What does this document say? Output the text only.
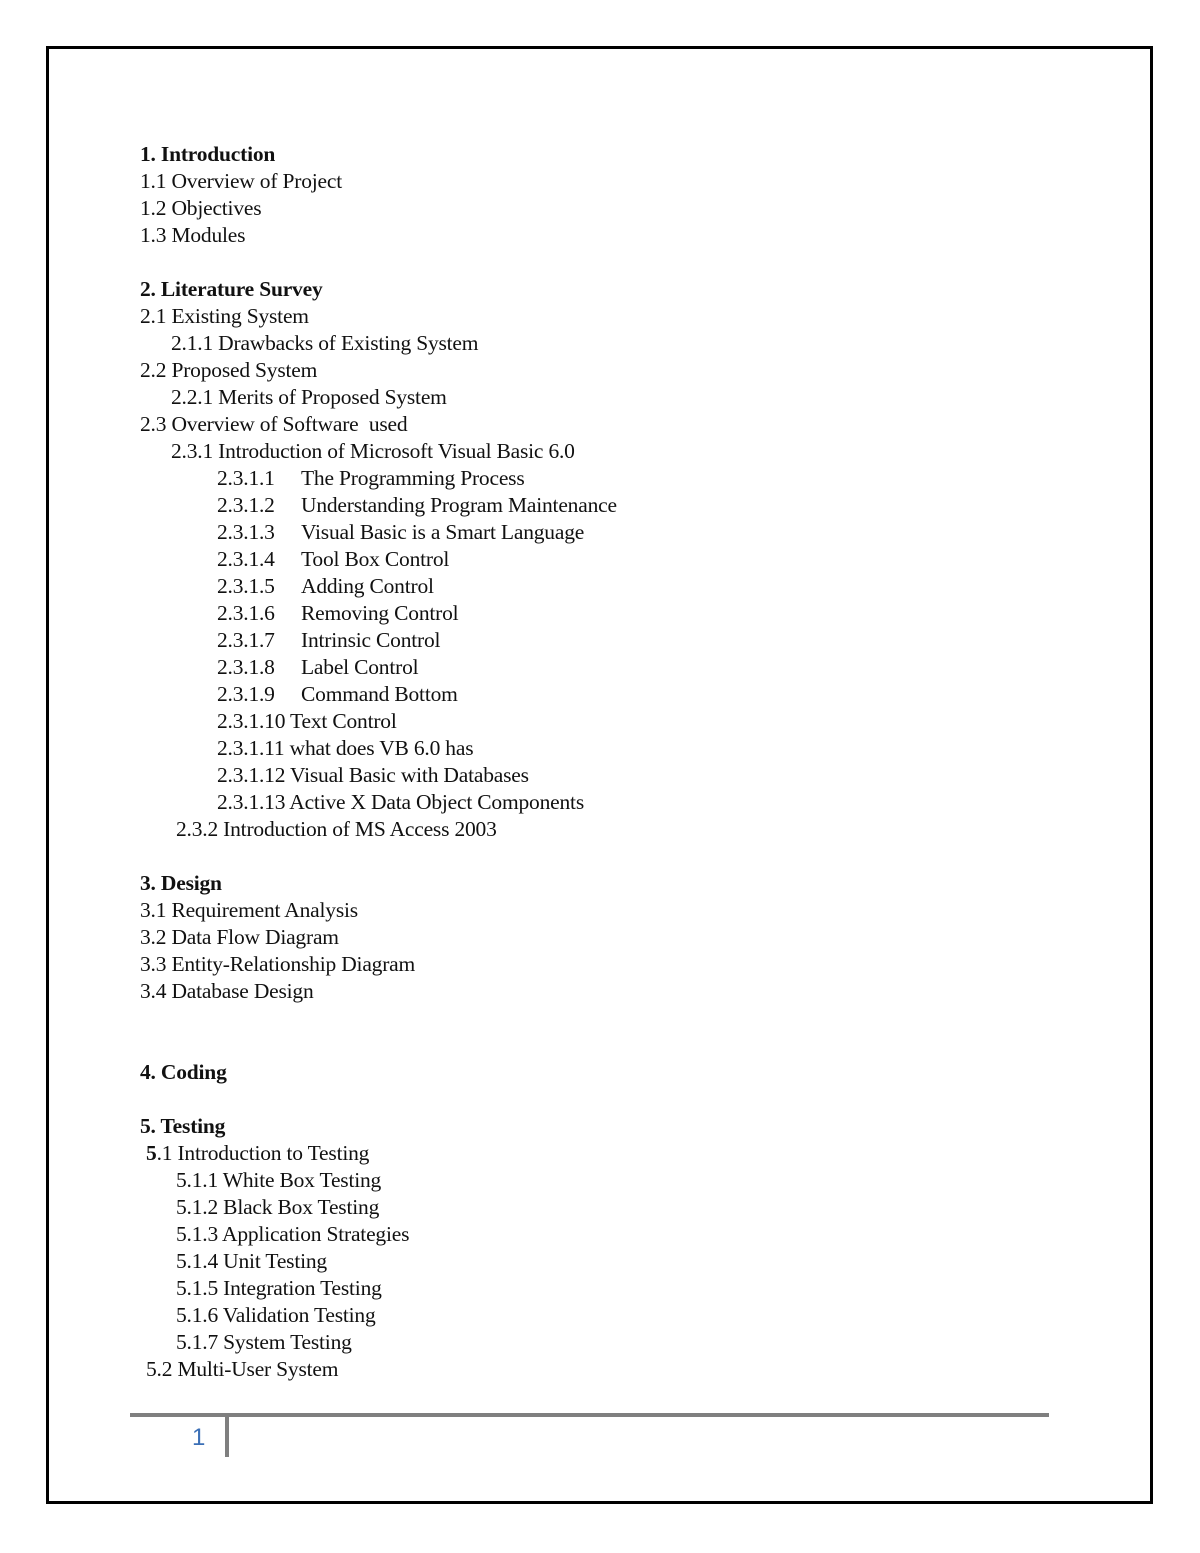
1. Introduction
1.1 Overview of Project
1.2 Objectives
1.3 Modules
2. Literature Survey
2.1 Existing System
2.1.1 Drawbacks of Existing System
2.2 Proposed System
2.2.1 Merits of Proposed System
2.3 Overview of Software  used
2.3.1 Introduction of Microsoft Visual Basic 6.0
2.3.1.1 The Programming Process
2.3.1.2 Understanding Program Maintenance
2.3.1.3 Visual Basic is a Smart Language
2.3.1.4 Tool Box Control
2.3.1.5 Adding Control
2.3.1.6 Removing Control
2.3.1.7 Intrinsic Control
2.3.1.8 Label Control
2.3.1.9 Command Bottom
2.3.1.10 Text Control
2.3.1.11 what does VB 6.0 has
2.3.1.12 Visual Basic with Databases
2.3.1.13 Active X Data Object Components
2.3.2 Introduction of MS Access 2003
3. Design
3.1 Requirement Analysis
3.2 Data Flow Diagram
3.3 Entity-Relationship Diagram
3.4 Database Design
4. Coding
5. Testing
5.1 Introduction to Testing
5.1.1 White Box Testing
5.1.2 Black Box Testing
5.1.3 Application Strategies
5.1.4 Unit Testing
5.1.5 Integration Testing
5.1.6 Validation Testing
5.1.7 System Testing
5.2 Multi-User System
1
